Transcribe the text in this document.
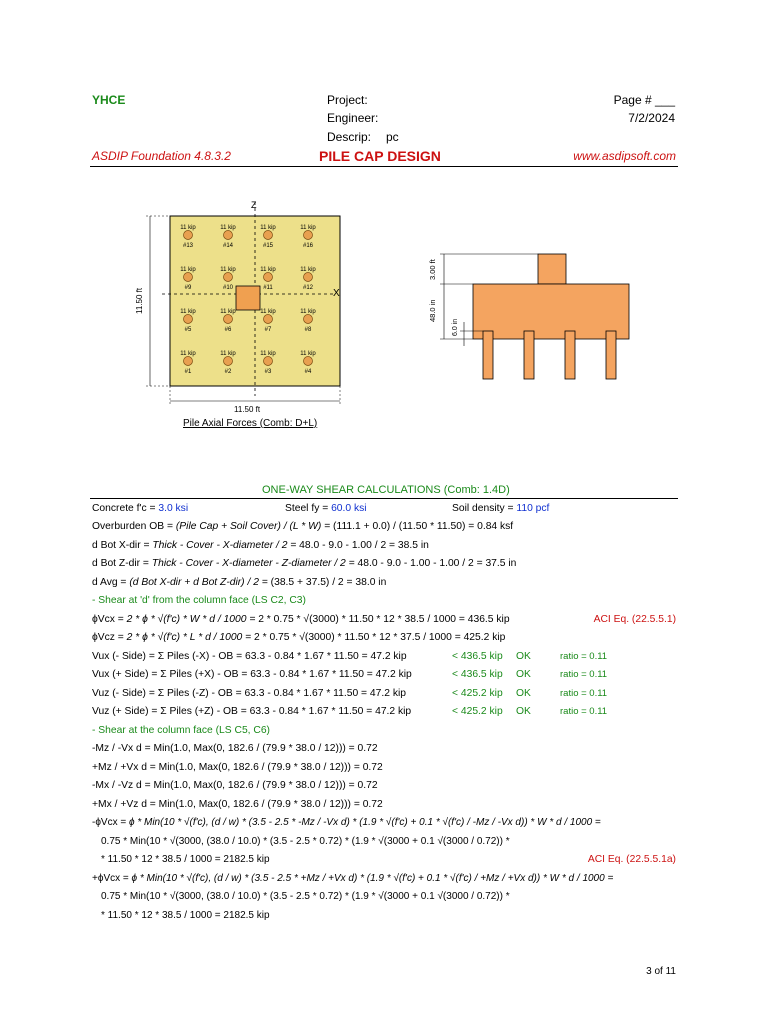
YHCE	Project:
Engineer:
Descrip: pc
Page # ___
7/2/2024
ASDIP Foundation 4.8.3.2	PILE CAP DESIGN	www.asdipsoft.com
Z
X
11 kip
#13
11 kip
#14
11 kip
#15
11 kip
#16
11 kip
#9
11 kip
#10
11 kip
#11
11 kip
#12
11 kip
#5
11 kip
#6
11 kip
#7
11 kip
#8
11 kip
#1
11 kip
#2
11 kip
#3
11 kip
#4
11.50 ft
11.50 ft
Pile Axial Forces (Comb: D+L)
3.00 ft
48.0 in
6.0 in
ONE-WAY SHEAR CALCULATIONS (Comb: 1.4D)
Concrete f'c = 3.0 ksi	Steel fy = 60.0 ksi	Soil density = 110 pcf
Overburden OB = (Pile Cap + Soil Cover) / (L * W) = (111.1 + 0.0) / (11.50 * 11.50) = 0.84 ksf
d Bot X-dir = Thick - Cover - X-diameter / 2 = 48.0 - 9.0 - 1.00 / 2 = 38.5 in
d Bot Z-dir = Thick - Cover - X-diameter - Z-diameter / 2 = 48.0 - 9.0 - 1.00 - 1.00 / 2 = 37.5 in
d Avg = (d Bot X-dir + d Bot Z-dir) / 2 = (38.5 + 37.5) / 2 = 38.0 in
- Shear at 'd' from the column face (LS C2, C3)
ϕVcx = 2 * ϕ * √(f'c) * W * d / 1000 = 2 * 0.75 * √(3000) * 11.50 * 12 * 38.5 / 1000 = 436.5 kip	ACI Eq. (22.5.5.1)
ϕVcz = 2 * ϕ * √(f'c) * L * d / 1000 = 2 * 0.75 * √(3000) * 11.50 * 12 * 37.5 / 1000 = 425.2 kip
Vux (- Side) = Σ Piles (-X) - OB = 63.3 - 0.84 * 1.67 * 11.50 = 47.2 kip	< 436.5 kip OK	ratio = 0.11
Vux (+ Side) = Σ Piles (+X) - OB = 63.3 - 0.84 * 1.67 * 11.50 = 47.2 kip	< 436.5 kip OK	ratio = 0.11
Vuz (- Side) = Σ Piles (-Z) - OB = 63.3 - 0.84 * 1.67 * 11.50 = 47.2 kip	< 425.2 kip OK	ratio = 0.11
Vuz (+ Side) = Σ Piles (+Z) - OB = 63.3 - 0.84 * 1.67 * 11.50 = 47.2 kip	< 425.2 kip OK	ratio = 0.11
- Shear at the column face (LS C5, C6)
-Mz / -Vx d = Min(1.0, Max(0, 182.6 / (79.9 * 38.0 / 12))) = 0.72
+Mz / +Vx d = Min(1.0, Max(0, 182.6 / (79.9 * 38.0 / 12))) = 0.72
-Mx / -Vz d = Min(1.0, Max(0, 182.6 / (79.9 * 38.0 / 12))) = 0.72
+Mx / +Vz d = Min(1.0, Max(0, 182.6 / (79.9 * 38.0 / 12))) = 0.72
-ϕVcx = ϕ * Min(10 * √(f'c), (d / w) * (3.5 - 2.5 * -Mz / -Vx d) * (1.9 * √(f'c) + 0.1 * √(f'c) / -Mz / -Vx d)) * W * d / 1000 =
0.75 * Min(10 * √(3000, (38.0 / 10.0) * (3.5 - 2.5 * 0.72) * (1.9 * √(3000 + 0.1 √(3000 / 0.72)) *
* 11.50 * 12 * 38.5 / 1000 = 2182.5 kip	ACI Eq. (22.5.5.1a)
+ϕVcx = ϕ * Min(10 * √(f'c), (d / w) * (3.5 - 2.5 * +Mz / +Vx d) * (1.9 * √(f'c) + 0.1 * √(f'c) / +Mz / +Vx d)) * W * d / 1000 =
0.75 * Min(10 * √(3000, (38.0 / 10.0) * (3.5 - 2.5 * 0.72) * (1.9 * √(3000 + 0.1 √(3000 / 0.72)) *
* 11.50 * 12 * 38.5 / 1000 = 2182.5 kip
3 of 11
